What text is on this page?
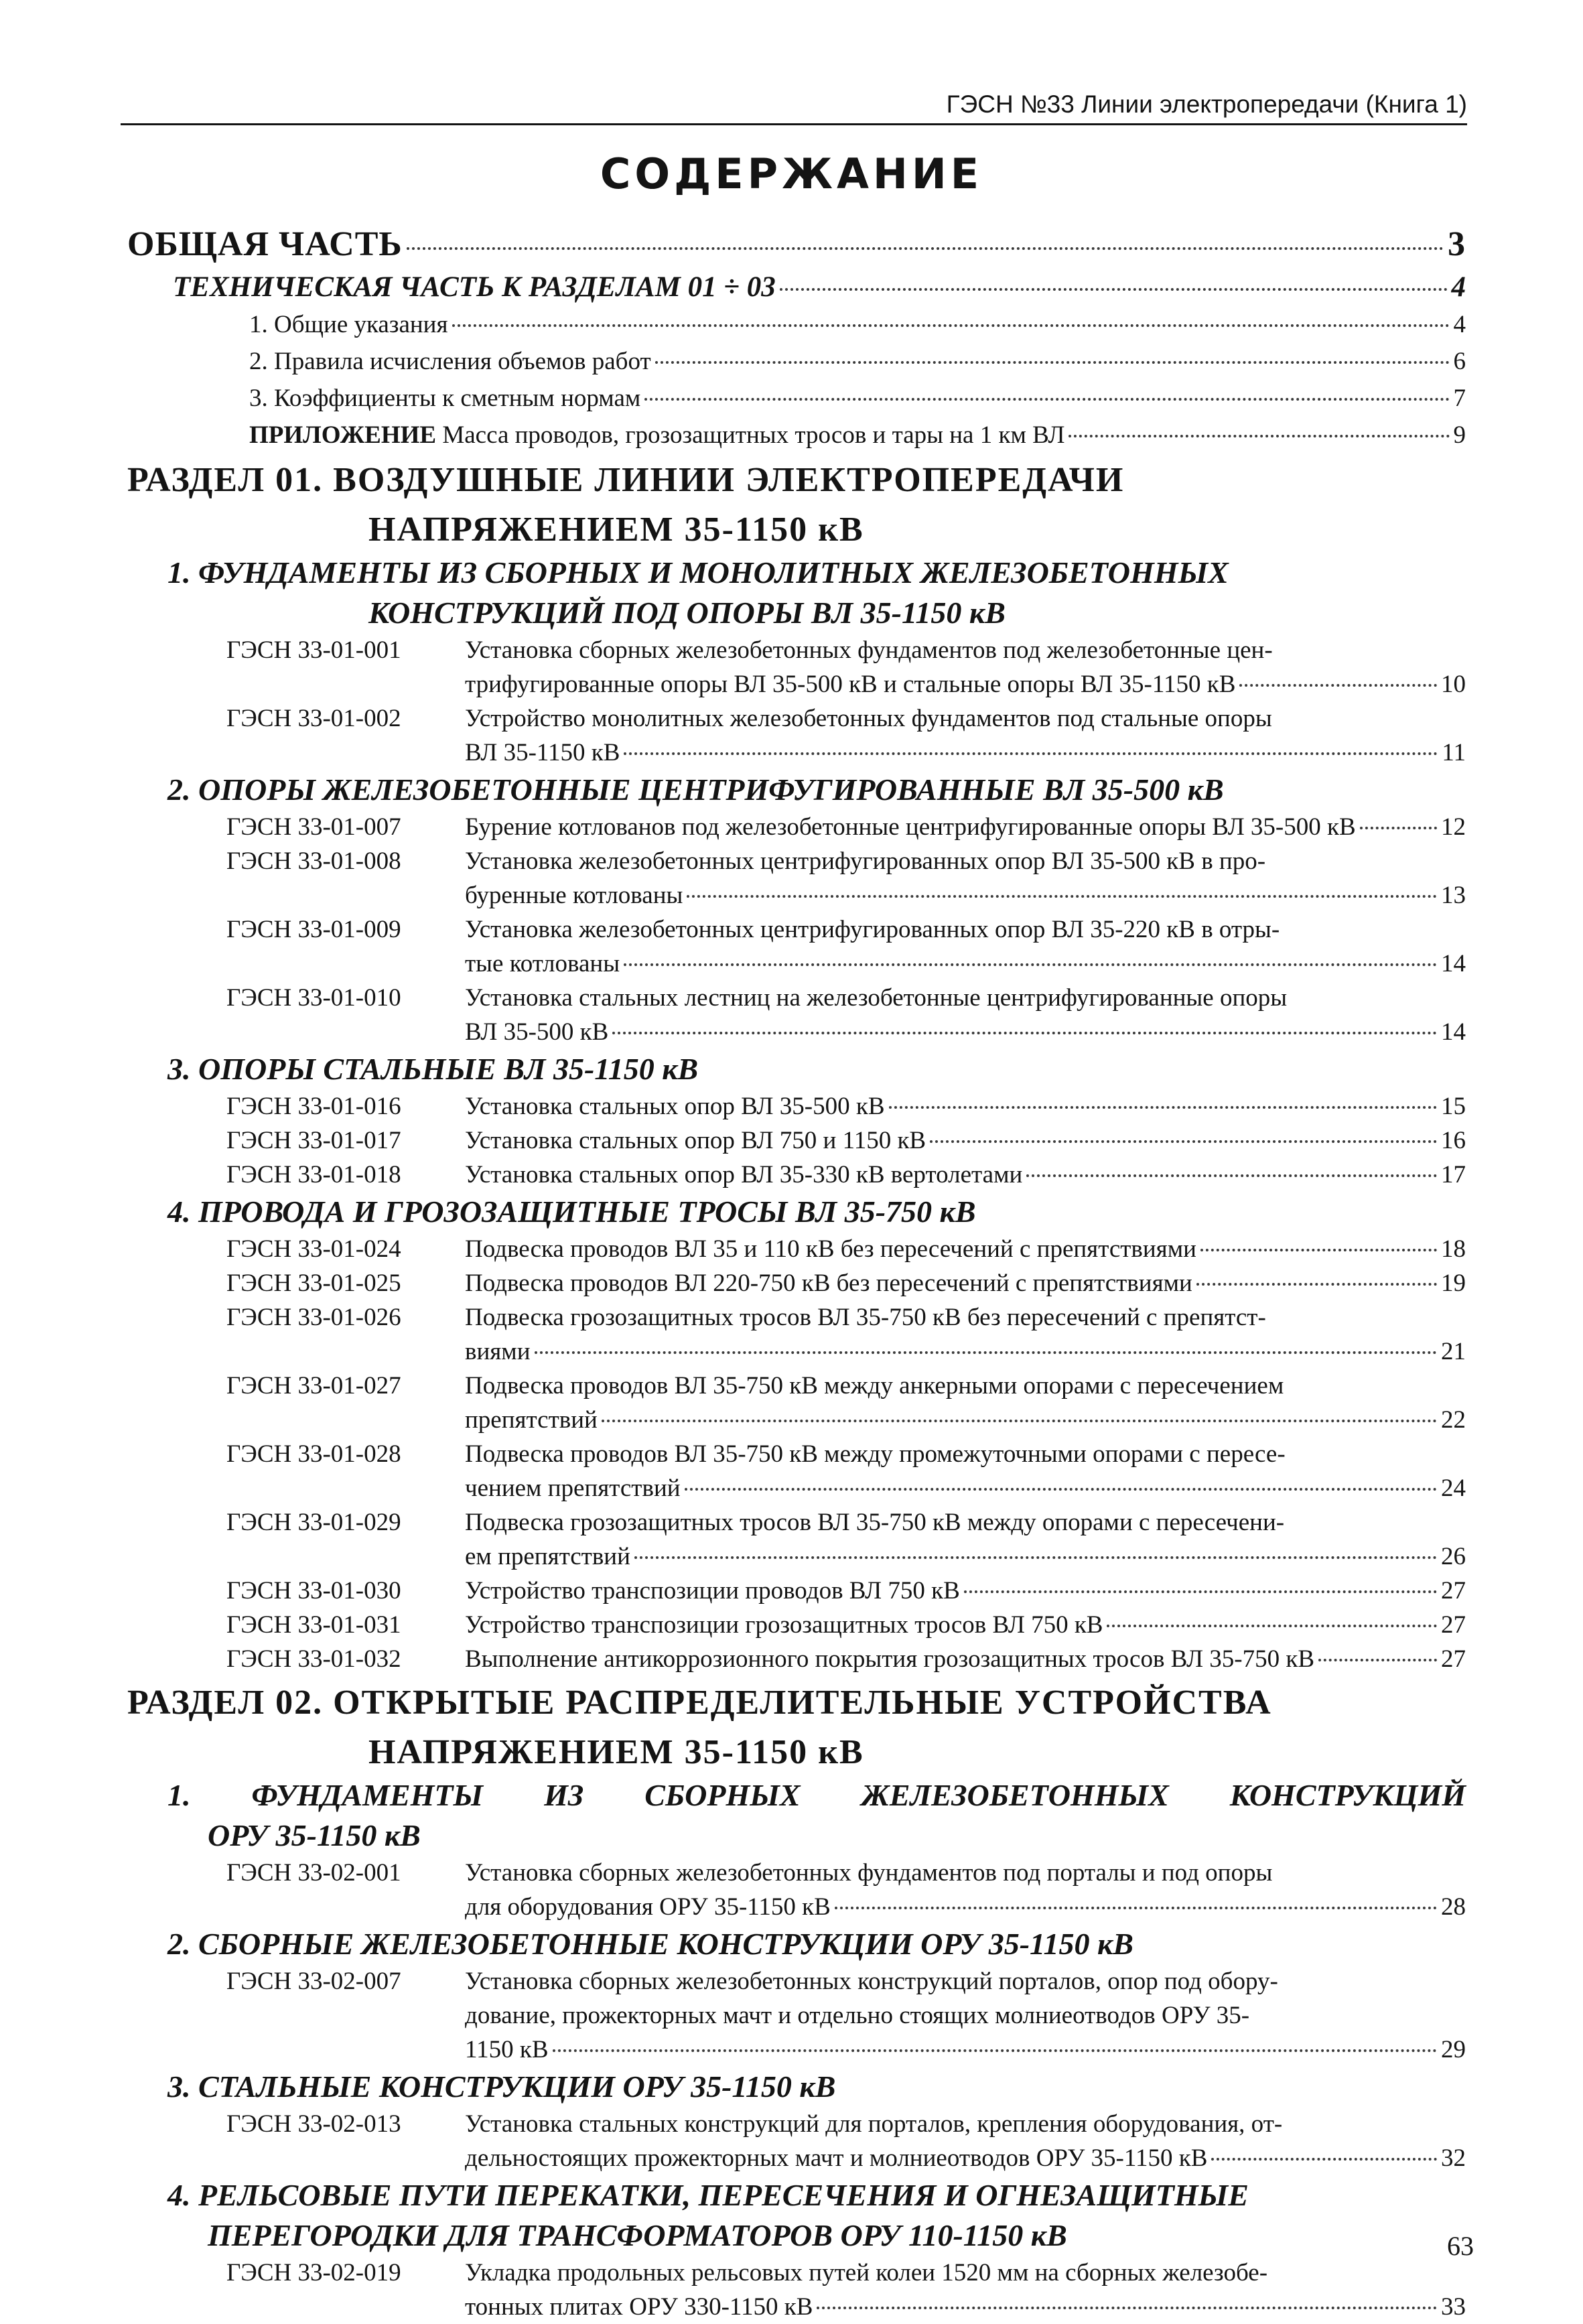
ГЭСН №33 Линии электропередачи (Книга 1)
СОДЕРЖАНИЕ
ОБЩАЯ ЧАСТЬ	3
ТЕХНИЧЕСКАЯ ЧАСТЬ К РАЗДЕЛАМ 01 ÷ 03	4
1. Общие указания	4
2. Правила исчисления объемов работ	6
3. Коэффициенты к сметным нормам	7
ПРИЛОЖЕНИЕ Масса проводов, грозозащитных тросов и тары на 1 км ВЛ	9
РАЗДЕЛ 01. ВОЗДУШНЫЕ ЛИНИИ ЭЛЕКТРОПЕРЕДАЧИ
НАПРЯЖЕНИЕМ 35-1150 кВ
1. ФУНДАМЕНТЫ ИЗ СБОРНЫХ И МОНОЛИТНЫХ ЖЕЛЕЗОБЕТОННЫХ
КОНСТРУКЦИЙ ПОД ОПОРЫ ВЛ 35-1150 кВ
ГЭСН 33-01-001	Установка сборных железобетонных фундаментов под железобетонные цен-
трифугированные опоры ВЛ 35-500 кВ и стальные опоры ВЛ 35-1150 кВ	10
ГЭСН 33-01-002	Устройство монолитных железобетонных фундаментов под стальные опоры
ВЛ 35-1150 кВ	11
2. ОПОРЫ ЖЕЛЕЗОБЕТОННЫЕ ЦЕНТРИФУГИРОВАННЫЕ ВЛ 35-500 кВ
ГЭСН 33-01-007	Бурение котлованов под железобетонные центрифугированные опоры ВЛ 35-500 кВ	12
ГЭСН 33-01-008	Установка железобетонных центрифугированных опор ВЛ 35-500 кВ в про-
буренные котлованы	13
ГЭСН 33-01-009	Установка железобетонных центрифугированных опор ВЛ 35-220 кВ в отры-
тые котлованы	14
ГЭСН 33-01-010	Установка стальных лестниц на железобетонные центрифугированные опоры
ВЛ 35-500 кВ	14
3. ОПОРЫ СТАЛЬНЫЕ ВЛ 35-1150 кВ
ГЭСН 33-01-016	Установка стальных опор ВЛ 35-500 кВ	15
ГЭСН 33-01-017	Установка стальных опор ВЛ 750 и 1150 кВ	16
ГЭСН 33-01-018	Установка стальных опор ВЛ 35-330 кВ вертолетами	17
4. ПРОВОДА И ГРОЗОЗАЩИТНЫЕ ТРОСЫ ВЛ 35-750 кВ
ГЭСН 33-01-024	Подвеска проводов ВЛ 35 и 110 кВ без пересечений с препятствиями	18
ГЭСН 33-01-025	Подвеска проводов ВЛ 220-750 кВ без пересечений с препятствиями	19
ГЭСН 33-01-026	Подвеска грозозащитных тросов ВЛ 35-750 кВ без пересечений с препятст-
виями	21
ГЭСН 33-01-027	Подвеска проводов ВЛ 35-750 кВ между анкерными опорами с пересечением
препятствий	22
ГЭСН 33-01-028	Подвеска проводов ВЛ 35-750 кВ между промежуточными опорами с пересе-
чением препятствий	24
ГЭСН 33-01-029	Подвеска грозозащитных тросов ВЛ 35-750 кВ между опорами с пересечени-
ем препятствий	26
ГЭСН 33-01-030	Устройство транспозиции проводов ВЛ 750 кВ	27
ГЭСН 33-01-031	Устройство транспозиции грозозащитных тросов ВЛ 750 кВ	27
ГЭСН 33-01-032	Выполнение антикоррозионного покрытия грозозащитных тросов ВЛ 35-750 кВ	27
РАЗДЕЛ 02. ОТКРЫТЫЕ РАСПРЕДЕЛИТЕЛЬНЫЕ УСТРОЙСТВА
НАПРЯЖЕНИЕМ 35-1150 кВ
1. ФУНДАМЕНТЫ ИЗ СБОРНЫХ ЖЕЛЕЗОБЕТОННЫХ КОНСТРУКЦИЙ
ОРУ 35-1150 кВ
ГЭСН 33-02-001	Установка сборных железобетонных фундаментов под порталы и под опоры
для оборудования ОРУ 35-1150 кВ	28
2. СБОРНЫЕ ЖЕЛЕЗОБЕТОННЫЕ КОНСТРУКЦИИ ОРУ 35-1150 кВ
ГЭСН 33-02-007	Установка сборных железобетонных конструкций порталов, опор под обору-
дование, прожекторных мачт и отдельно стоящих молниеотводов ОРУ 35-
1150 кВ	29
3. СТАЛЬНЫЕ КОНСТРУКЦИИ ОРУ 35-1150 кВ
ГЭСН 33-02-013	Установка стальных конструкций для порталов, крепления оборудования, от-
дельностоящих прожекторных мачт и молниеотводов ОРУ 35-1150 кВ	32
4. РЕЛЬСОВЫЕ ПУТИ ПЕРЕКАТКИ, ПЕРЕСЕЧЕНИЯ И ОГНЕЗАЩИТНЫЕ
ПЕРЕГОРОДКИ ДЛЯ ТРАНСФОРМАТОРОВ ОРУ 110-1150 кВ
ГЭСН 33-02-019	Укладка продольных рельсовых путей колеи 1520 мм на сборных железобе-
тонных плитах ОРУ 330-1150 кВ	33
63
